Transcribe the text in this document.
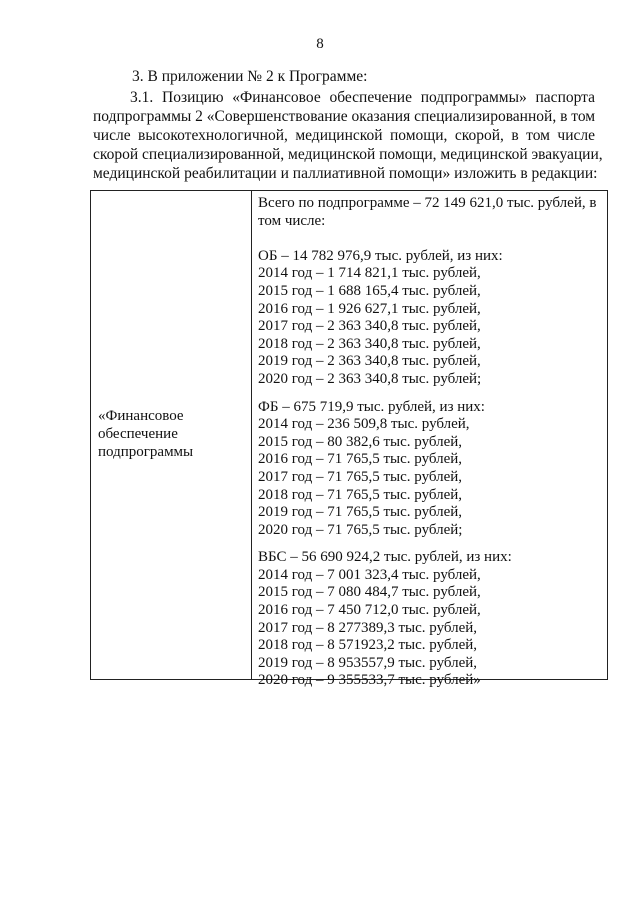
8
3. В приложении № 2 к Программе:
3.1. Позицию «Финансовое обеспечение подпрограммы» паспорта
подпрограммы 2 «Совершенствование оказания специализированной, в том
числе высокотехнологичной, медицинской помощи, скорой, в том числе
скорой специализированной, медицинской помощи, медицинской эвакуации,
медицинской реабилитации и паллиативной помощи» изложить в редакции:
«Финансовое
обеспечение
подпрограммы
Всего по подпрограмме – 72 149 621,0 тыс. рублей, в
том числе:
ОБ – 14 782 976,9 тыс. рублей, из них:
2014 год – 1 714 821,1 тыс. рублей,
2015 год – 1 688 165,4 тыс. рублей,
2016 год – 1 926 627,1 тыс. рублей,
2017 год – 2 363 340,8 тыс. рублей,
2018 год – 2 363 340,8 тыс. рублей,
2019 год – 2 363 340,8 тыс. рублей,
2020 год – 2 363 340,8 тыс. рублей;
ФБ – 675 719,9 тыс. рублей, из них:
2014 год – 236 509,8 тыс. рублей,
2015 год – 80 382,6 тыс. рублей,
2016 год – 71 765,5 тыс. рублей,
2017 год – 71 765,5 тыс. рублей,
2018 год – 71 765,5 тыс. рублей,
2019 год – 71 765,5 тыс. рублей,
2020 год – 71 765,5 тыс. рублей;
ВБС – 56 690 924,2 тыс. рублей, из них:
2014 год – 7 001 323,4 тыс. рублей,
2015 год – 7 080 484,7 тыс. рублей,
2016 год – 7 450 712,0 тыс. рублей,
2017 год – 8 277389,3 тыс. рублей,
2018 год – 8 571923,2 тыс. рублей,
2019 год – 8 953557,9 тыс. рублей,
2020 год – 9 355533,7 тыс. рублей»
